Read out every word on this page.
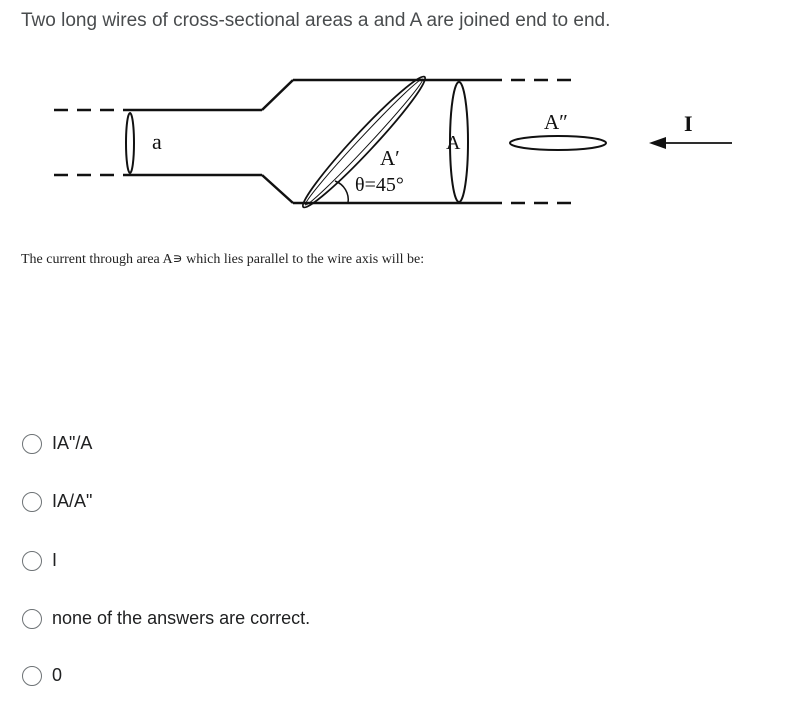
Two long wires of cross-sectional areas a and A are joined end to end.
a	A
A′
θ=45°
A″	I
The current through area A∍ which lies parallel to the wire axis will be:
IA"/A
IA/A"
I
none of the answers are correct.
0
